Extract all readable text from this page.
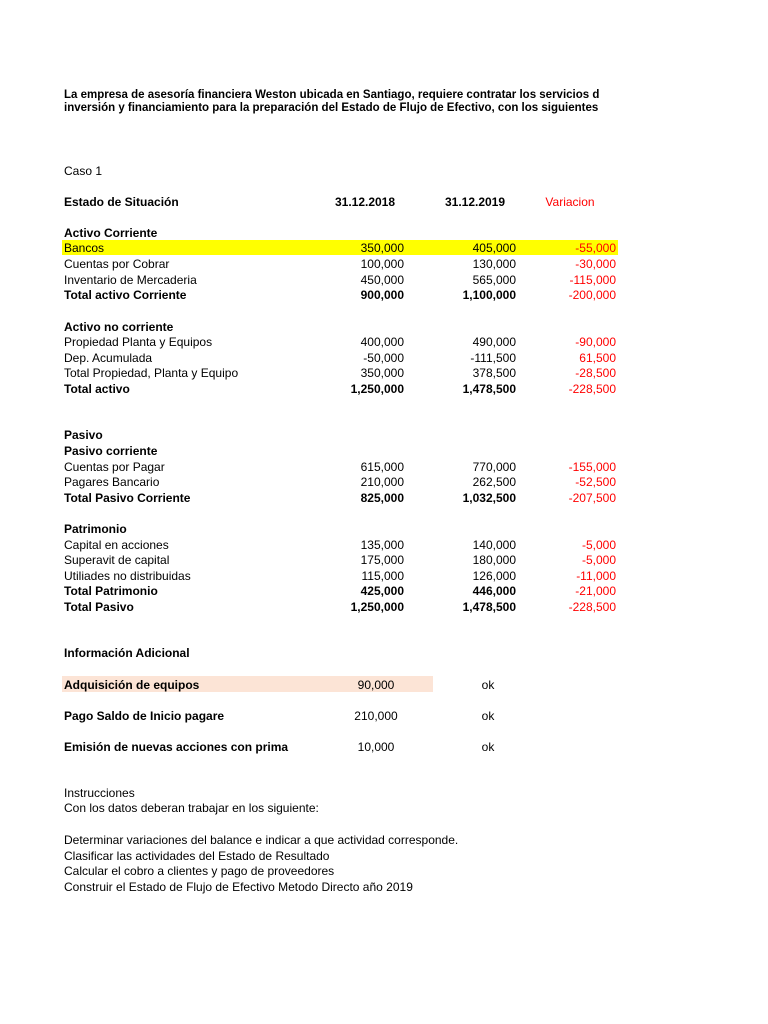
La empresa de asesoría financiera Weston ubicada en Santiago, requiere contratar los servicios d
inversión y financiamiento para la preparación del Estado de Flujo de Efectivo, con los siguientes
Caso 1
Estado de Situación	31.12.2018	31.12.2019	Variacion
Activo Corriente
Bancos	350,000	405,000	-55,000
Cuentas por Cobrar	100,000	130,000	-30,000
Inventario de Mercaderia	450,000	565,000	-115,000
Total activo Corriente	900,000	1,100,000	-200,000
Activo no corriente
Propiedad Planta y Equipos	400,000	490,000	-90,000
Dep. Acumulada	-50,000	-111,500	61,500
Total Propiedad, Planta y Equipo	350,000	378,500	-28,500
Total activo	1,250,000	1,478,500	-228,500
Pasivo
Pasivo corriente
Cuentas por Pagar	615,000	770,000	-155,000
Pagares Bancario	210,000	262,500	-52,500
Total Pasivo Corriente	825,000	1,032,500	-207,500
Patrimonio
Capital en acciones	135,000	140,000	-5,000
Superavit de capital	175,000	180,000	-5,000
Utiliades no distribuidas	115,000	126,000	-11,000
Total Patrimonio	425,000	446,000	-21,000
Total Pasivo	1,250,000	1,478,500	-228,500
Información Adicional
Adquisición de equipos	90,000	ok
Pago Saldo de Inicio pagare	210,000	ok
Emisión de nuevas acciones con prima	10,000	ok
Instrucciones
Con los datos deberan trabajar en los siguiente:
Determinar variaciones del balance e indicar a que actividad corresponde.
Clasificar las actividades del Estado de Resultado
Calcular el cobro a clientes y pago de proveedores
Construir el Estado de Flujo de Efectivo Metodo Directo año 2019
